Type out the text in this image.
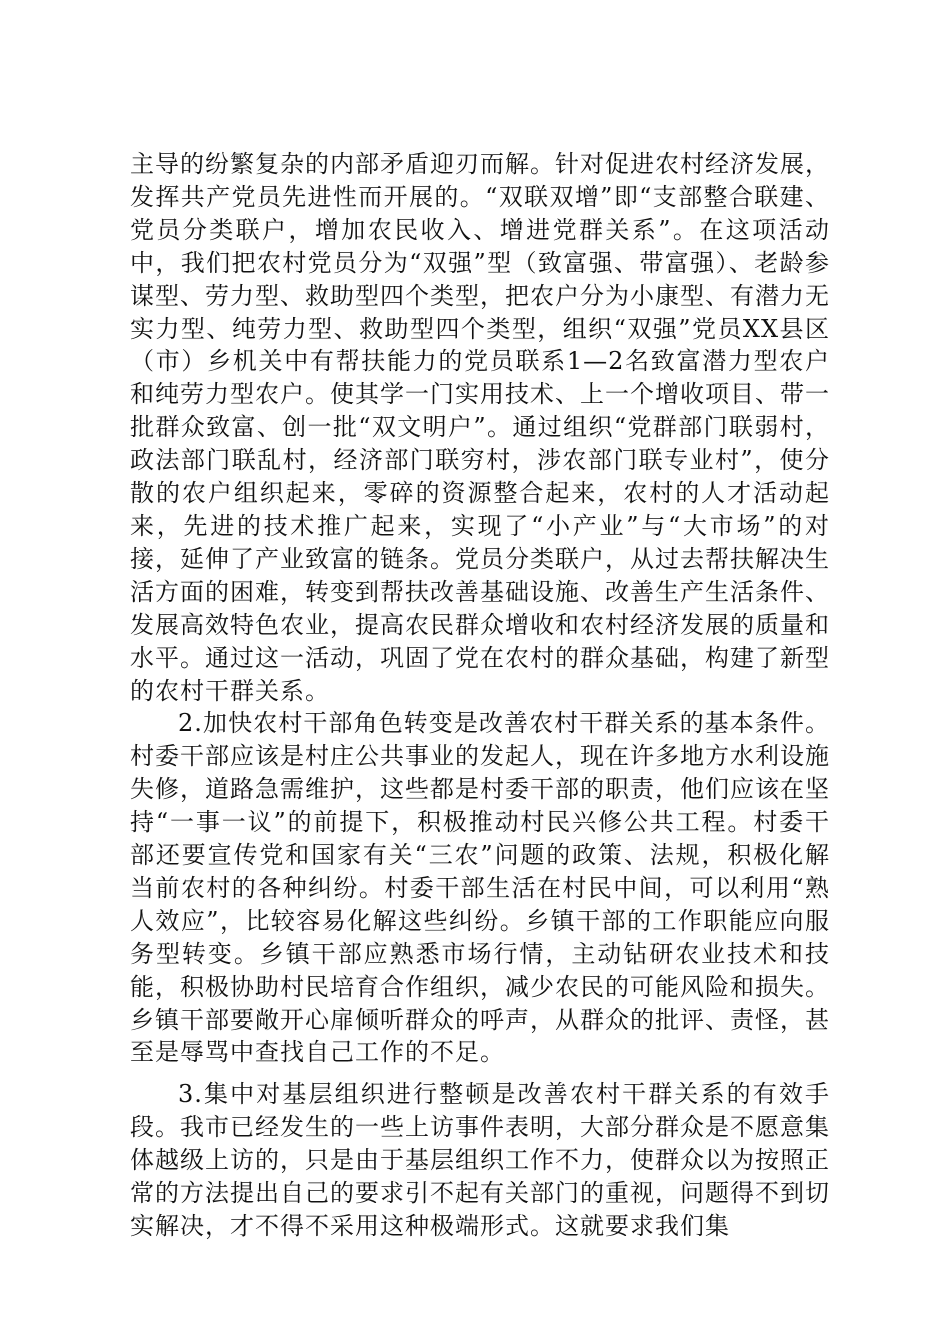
主导的纷繁复杂的内部矛盾迎刃而解。针对促进农村经济发展，发挥共产党员先进性而开展的。“双联双增”即“支部整合联建、党员分类联户，增加农民收入、增进党群关系”。在这项活动中，我们把农村党员分为“双强”型（致富强、带富强）、老龄参谋型、劳力型、救助型四个类型，把农户分为小康型、有潜力无实力型、纯劳力型、救助型四个类型，组织“双强”党员XX县区（市）乡机关中有帮扶能力的党员联系1—2名致富潜力型农户和纯劳力型农户。使其学一门实用技术、上一个增收项目、带一批群众致富、创一批“双文明户”。通过组织“党群部门联弱村，政法部门联乱村，经济部门联穷村，涉农部门联专业村”，使分散的农户组织起来，零碎的资源整合起来，农村的人才活动起来，先进的技术推广起来，实现了“小产业”与“大市场”的对接，延伸了产业致富的链条。党员分类联户，从过去帮扶解决生活方面的困难，转变到帮扶改善基础设施、改善生产生活条件、发展高效特色农业，提高农民群众增收和农村经济发展的质量和水平。通过这一活动，巩固了党在农村的群众基础，构建了新型的农村干群关系。

2.加快农村干部角色转变是改善农村干群关系的基本条件。村委干部应该是村庄公共事业的发起人，现在许多地方水利设施失修，道路急需维护，这些都是村委干部的职责，他们应该在坚持“一事一议”的前提下，积极推动村民兴修公共工程。村委干部还要宣传党和国家有关“三农”问题的政策、法规，积极化解当前农村的各种纠纷。村委干部生活在村民中间，可以利用“熟人效应”，比较容易化解这些纠纷。乡镇干部的工作职能应向服务型转变。乡镇干部应熟悉市场行情，主动钻研农业技术和技能，积极协助村民培育合作组织，减少农民的可能风险和损失。乡镇干部要敞开心扉倾听群众的呼声，从群众的批评、责怪，甚至是辱骂中查找自己工作的不足。

3.集中对基层组织进行整顿是改善农村干群关系的有效手段。我市已经发生的一些上访事件表明，大部分群众是不愿意集体越级上访的，只是由于基层组织工作不力，使群众以为按照正常的方法提出自己的要求引不起有关部门的重视，问题得不到切实解决，才不得不采用这种极端形式。这就要求我们集
